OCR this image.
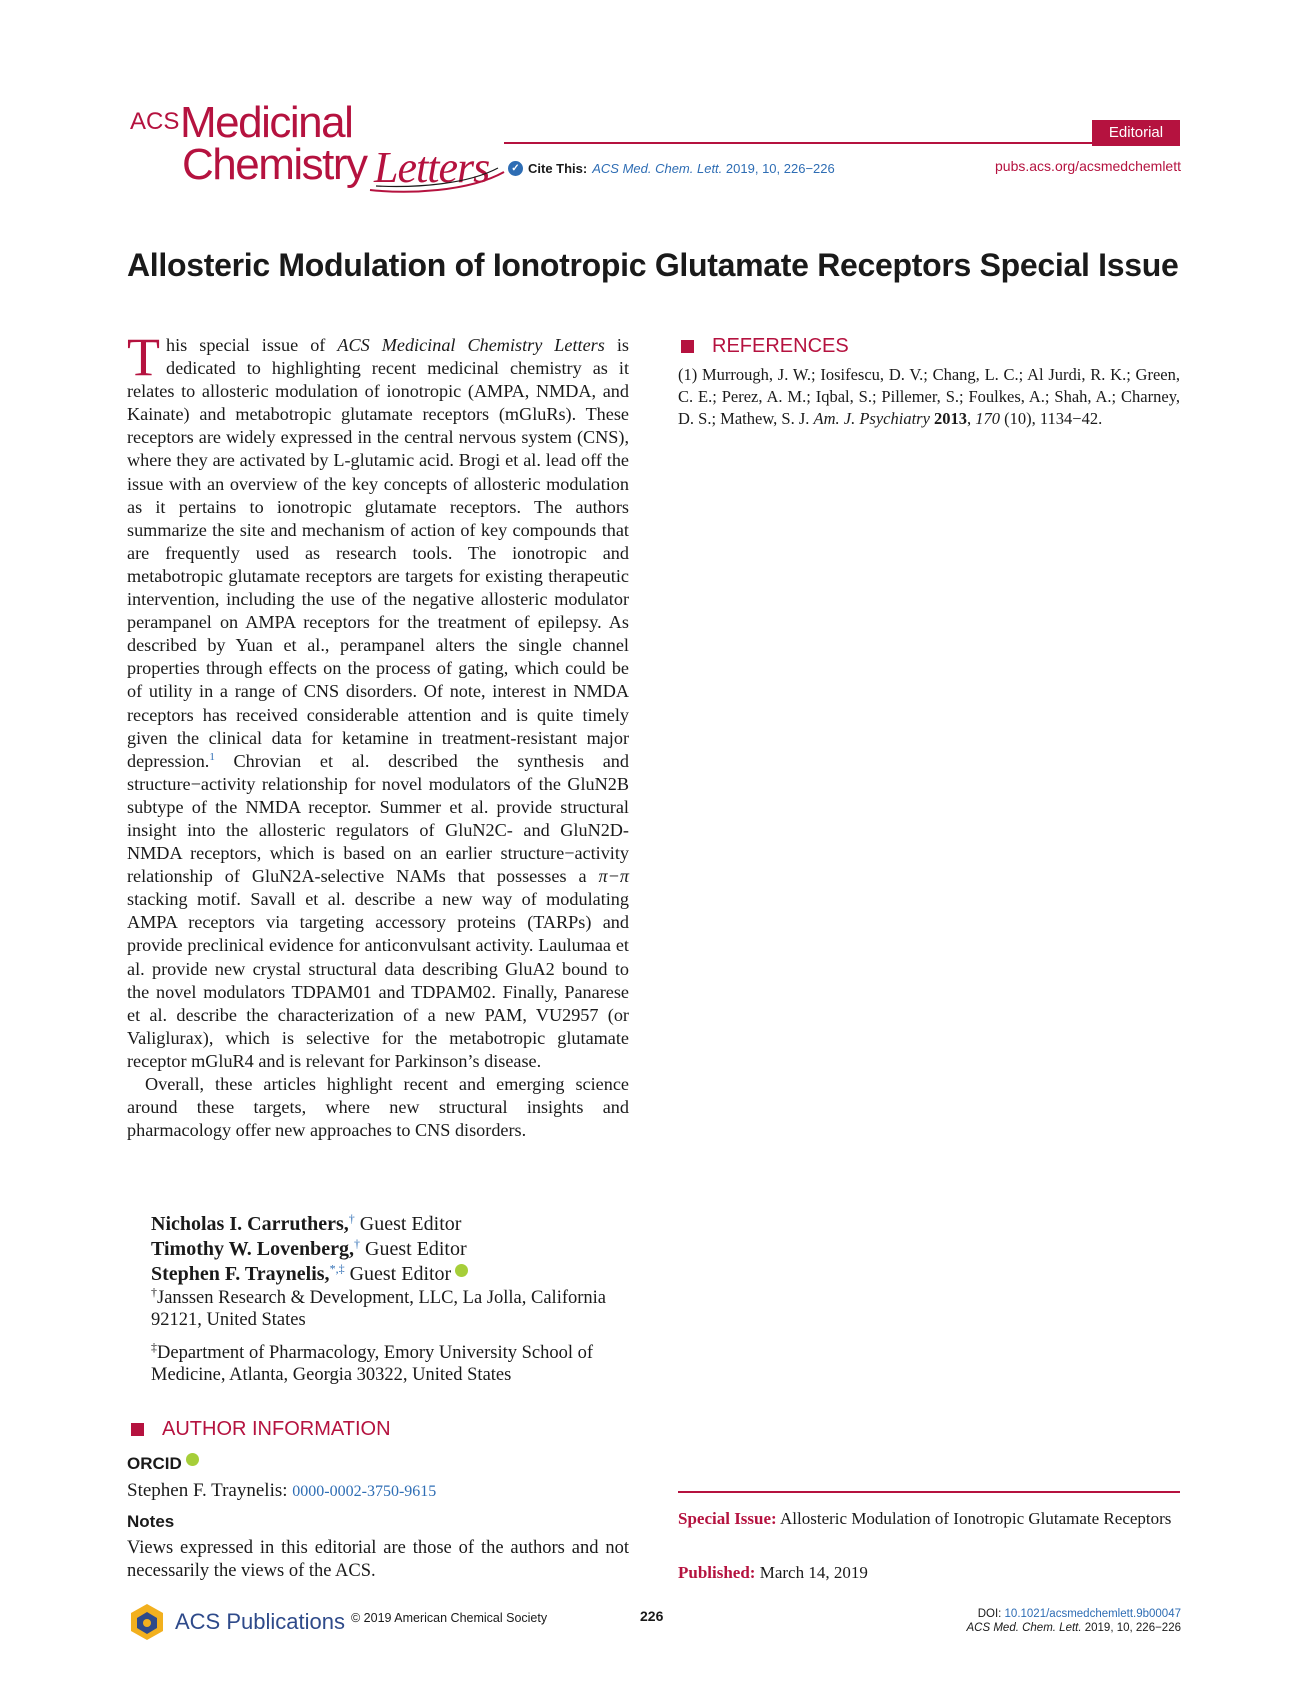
ACS Medicinal
Chemistry Letters
Editorial
✓ Cite This: ACS Med. Chem. Lett. 2019, 10, 226−226	pubs.acs.org/acsmedchemlett
Allosteric Modulation of Ionotropic Glutamate Receptors Special Issue

This special issue of ACS Medicinal Chemistry Letters is dedicated to highlighting recent medicinal chemistry as it relates to allosteric modulation of ionotropic (AMPA, NMDA, and Kainate) and metabotropic glutamate receptors (mGluRs). These receptors are widely expressed in the central nervous system (CNS), where they are activated by L-glutamic acid. Brogi et al. lead off the issue with an overview of the key concepts of allosteric modulation as it pertains to ionotropic glutamate receptors. The authors summarize the site and mechanism of action of key compounds that are frequently used as research tools. The ionotropic and metabotropic glutamate receptors are targets for existing therapeutic intervention, including the use of the negative allosteric modulator perampanel on AMPA receptors for the treatment of epilepsy. As described by Yuan et al., perampanel alters the single channel properties through effects on the process of gating, which could be of utility in a range of CNS disorders. Of note, interest in NMDA receptors has received considerable attention and is quite timely given the clinical data for ketamine in treatment-resistant major depression.$^1$ Chrovian et al. described the synthesis and structure−activity relationship for novel modulators of the GluN2B subtype of the NMDA receptor. Summer et al. provide structural insight into the allosteric regulators of GluN2C- and GluN2D-NMDA receptors, which is based on an earlier structure−activity relationship of GluN2A-selective NAMs that possesses a π−π stacking motif. Savall et al. describe a new way of modulating AMPA receptors via targeting accessory proteins (TARPs) and provide preclinical evidence for anticonvulsant activity. Laulumaa et al. provide new crystal structural data describing GluA2 bound to the novel modulators TDPAM01 and TDPAM02. Finally, Panarese et al. describe the characterization of a new PAM, VU2957 (or Valiglurax), which is selective for the metabotropic glutamate receptor mGluR4 and is relevant for Parkinson’s disease.

Overall, these articles highlight recent and emerging science around these targets, where new structural insights and pharmacology offer new approaches to CNS disorders.

Nicholas I. Carruthers,† Guest Editor
Timothy W. Lovenberg,† Guest Editor
Stephen F. Traynelis,*,‡ Guest Editor
†Janssen Research & Development, LLC, La Jolla, California 92121, United States
‡Department of Pharmacology, Emory University School of Medicine, Atlanta, Georgia 30322, United States
AUTHOR INFORMATION
ORCID
Stephen F. Traynelis: 0000-0002-3750-9615
Notes
Views expressed in this editorial are those of the authors and not necessarily the views of the ACS.
REFERENCES
(1) Murrough, J. W.; Iosifescu, D. V.; Chang, L. C.; Al Jurdi, R. K.; Green, C. E.; Perez, A. M.; Iqbal, S.; Pillemer, S.; Foulkes, A.; Shah, A.; Charney, D. S.; Mathew, S. J. Am. J. Psychiatry 2013, 170 (10), 1134−42.
Special Issue: Allosteric Modulation of Ionotropic Glutamate Receptors
Published: March 14, 2019
ACS Publications © 2019 American Chemical Society	226	DOI: 10.1021/acsmedchemlett.9b00047
ACS Med. Chem. Lett. 2019, 10, 226−226
